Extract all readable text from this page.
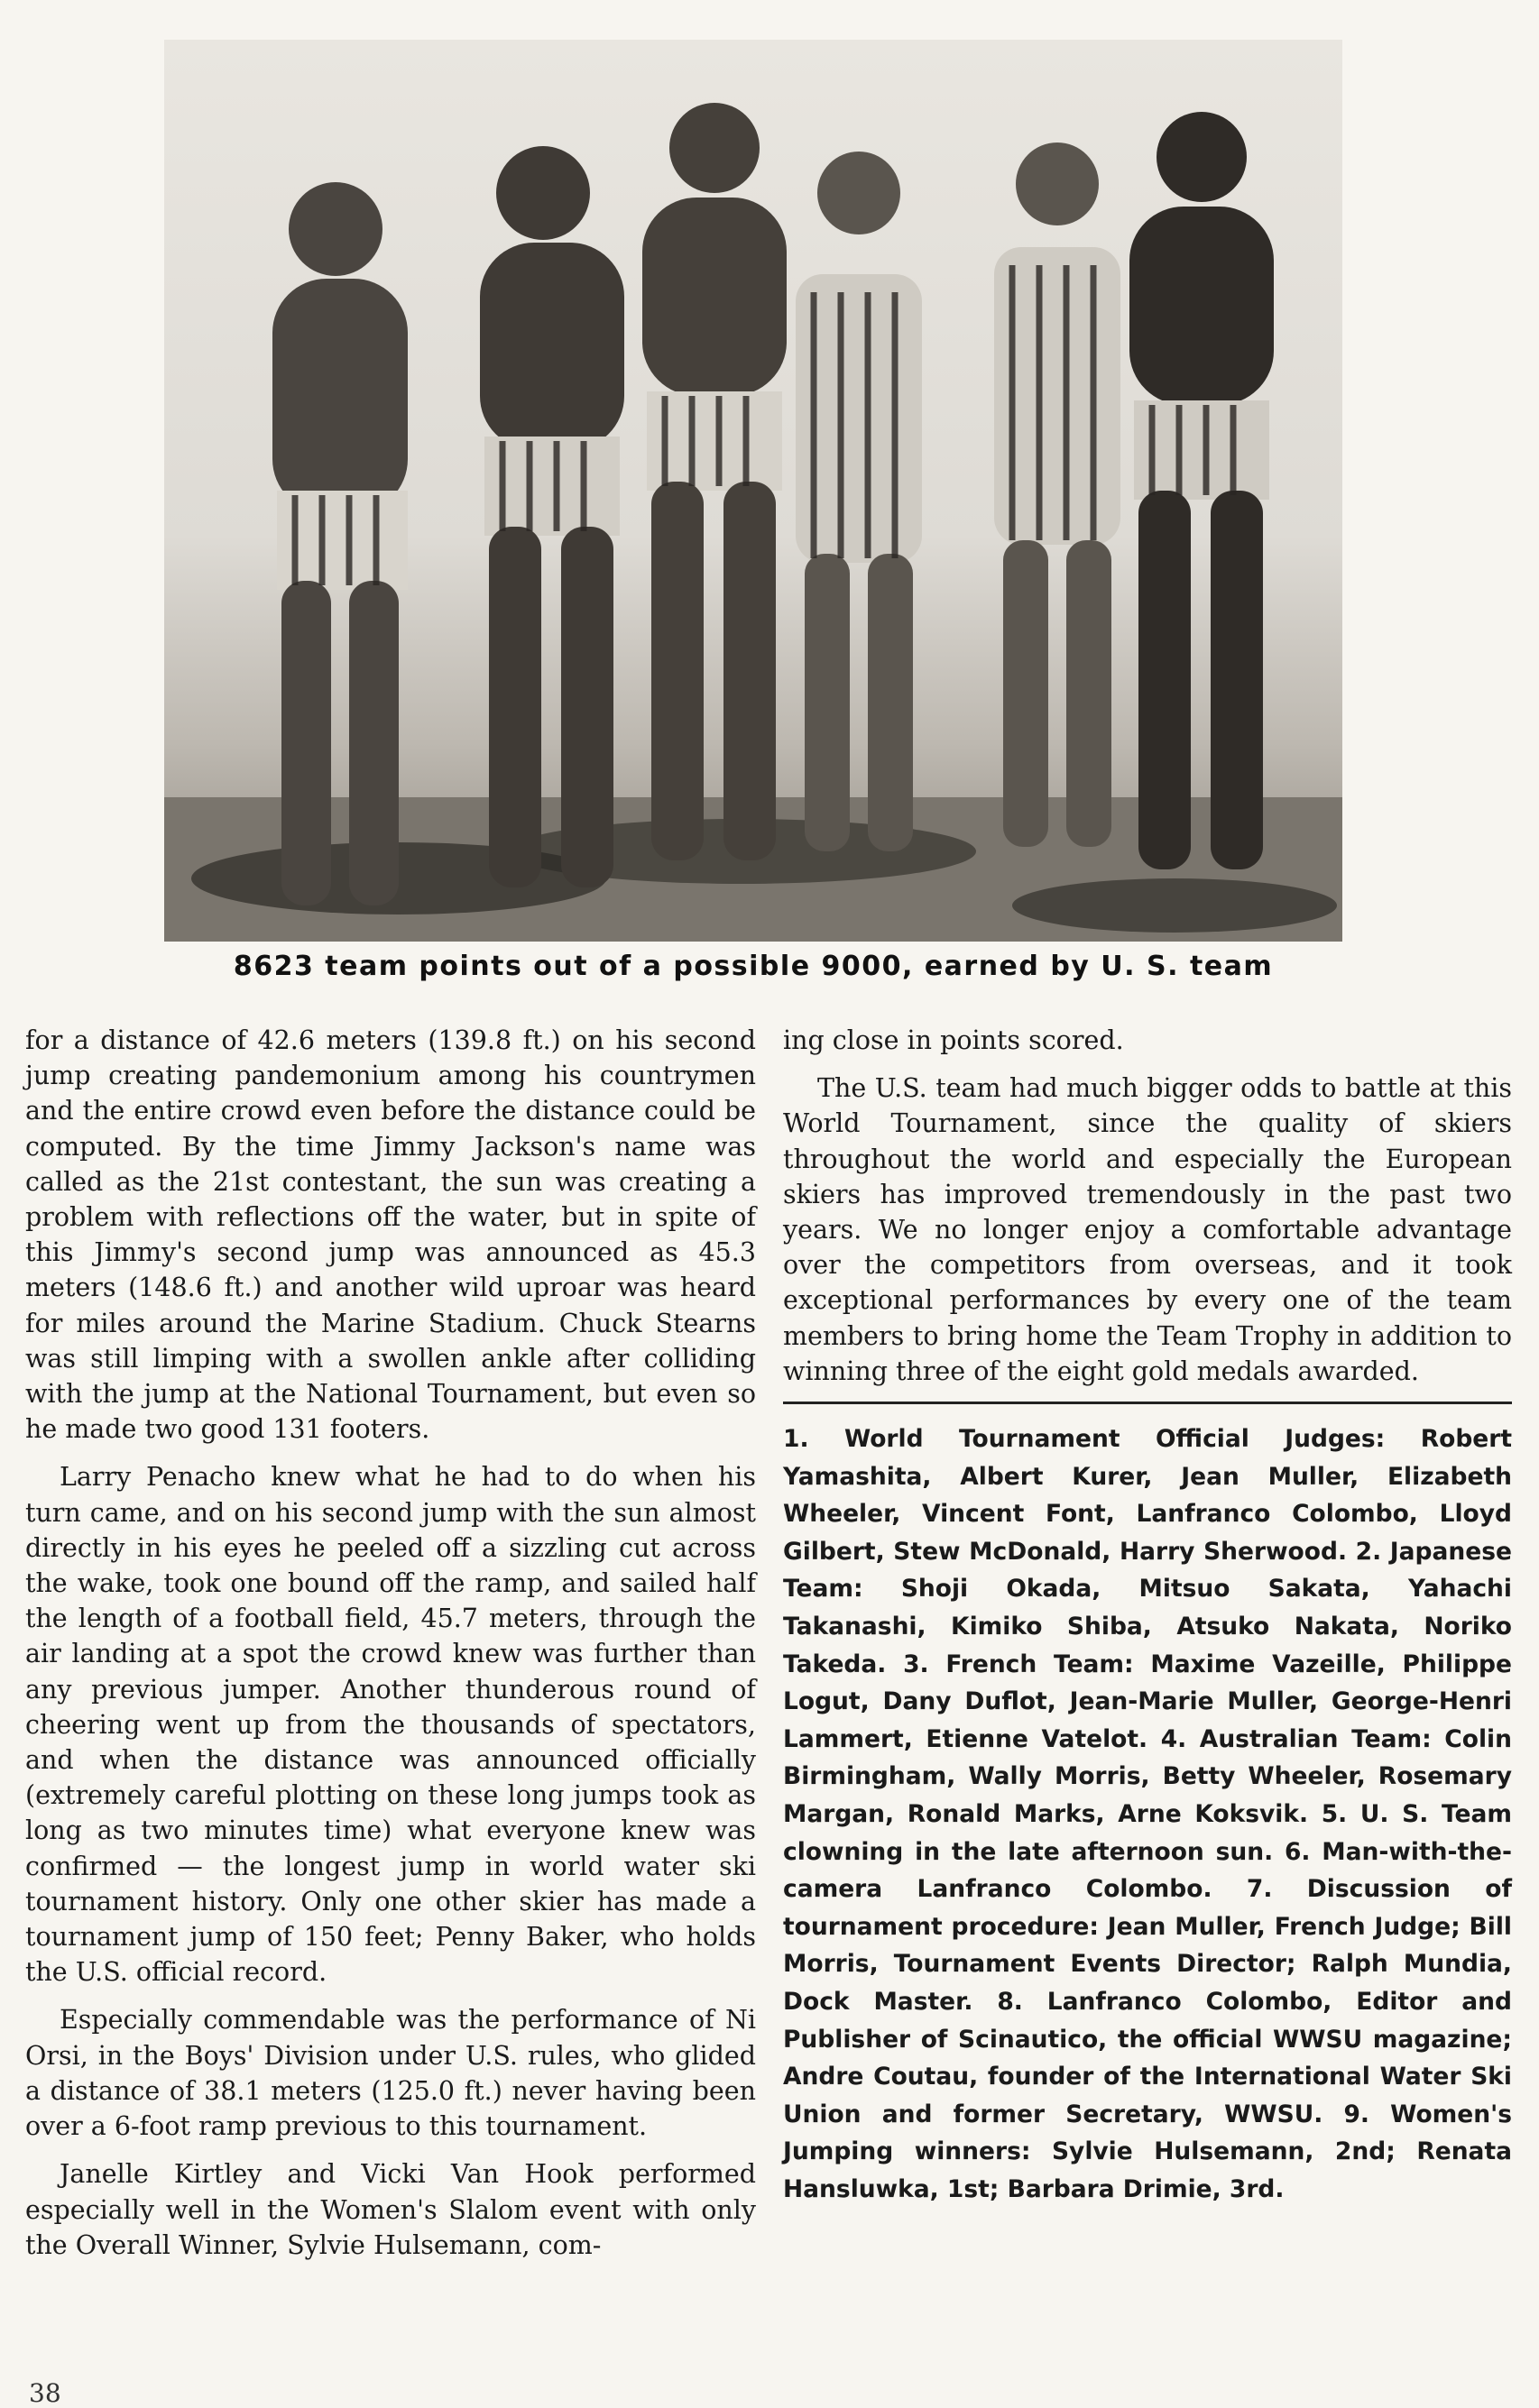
8623 team points out of a possible 9000, earned by U. S. team

for a distance of 42.6 meters (139.8 ft.) on his second jump creating pandemonium among his countrymen and the entire crowd even before the distance could be computed. By the time Jimmy Jackson's name was called as the 21st contestant, the sun was creating a problem with reflections off the water, but in spite of this Jimmy's second jump was announced as 45.3 meters (148.6 ft.) and another wild uproar was heard for miles around the Marine Stadium. Chuck Stearns was still limping with a swollen ankle after colliding with the jump at the National Tournament, but even so he made two good 131 footers.

Larry Penacho knew what he had to do when his turn came, and on his second jump with the sun almost directly in his eyes he peeled off a sizzling cut across the wake, took one bound off the ramp, and sailed half the length of a football field, 45.7 meters, through the air landing at a spot the crowd knew was further than any previous jumper. Another thunderous round of cheering went up from the thousands of spectators, and when the distance was announced officially (extremely careful plotting on these long jumps took as long as two minutes time) what everyone knew was confirmed — the longest jump in world water ski tournament history. Only one other skier has made a tournament jump of 150 feet; Penny Baker, who holds the U.S. official record.

Especially commendable was the performance of Ni Orsi, in the Boys' Division under U.S. rules, who glided a distance of 38.1 meters (125.0 ft.) never having been over a 6-foot ramp previous to this tournament.

Janelle Kirtley and Vicki Van Hook performed especially well in the Women's Slalom event with only the Overall Winner, Sylvie Hulsemann, com-

ing close in points scored.

The U.S. team had much bigger odds to battle at this World Tournament, since the quality of skiers throughout the world and especially the European skiers has improved tremendously in the past two years. We no longer enjoy a comfortable advantage over the competitors from overseas, and it took exceptional performances by every one of the team members to bring home the Team Trophy in addition to winning three of the eight gold medals awarded.

1. World Tournament Official Judges: Robert Yamashita, Albert Kurer, Jean Muller, Elizabeth Wheeler, Vincent Font, Lanfranco Colombo, Lloyd Gilbert, Stew McDonald, Harry Sherwood. 2. Japanese Team: Shoji Okada, Mitsuo Sakata, Yahachi Takanashi, Kimiko Shiba, Atsuko Nakata, Noriko Takeda. 3. French Team: Maxime Vazeille, Philippe Logut, Dany Duflot, Jean-Marie Muller, George-Henri Lammert, Etienne Vatelot. 4. Australian Team: Colin Birmingham, Wally Morris, Betty Wheeler, Rosemary Margan, Ronald Marks, Arne Koksvik. 5. U. S. Team clowning in the late afternoon sun. 6. Man-with-the-camera Lanfranco Colombo. 7. Discussion of tournament procedure: Jean Muller, French Judge; Bill Morris, Tournament Events Director; Ralph Mundia, Dock Master. 8. Lanfranco Colombo, Editor and Publisher of Scinautico, the official WWSU magazine; Andre Coutau, founder of the International Water Ski Union and former Secretary, WWSU. 9. Women's Jumping winners: Sylvie Hulsemann, 2nd; Renata Hansluwka, 1st; Barbara Drimie, 3rd.

38
